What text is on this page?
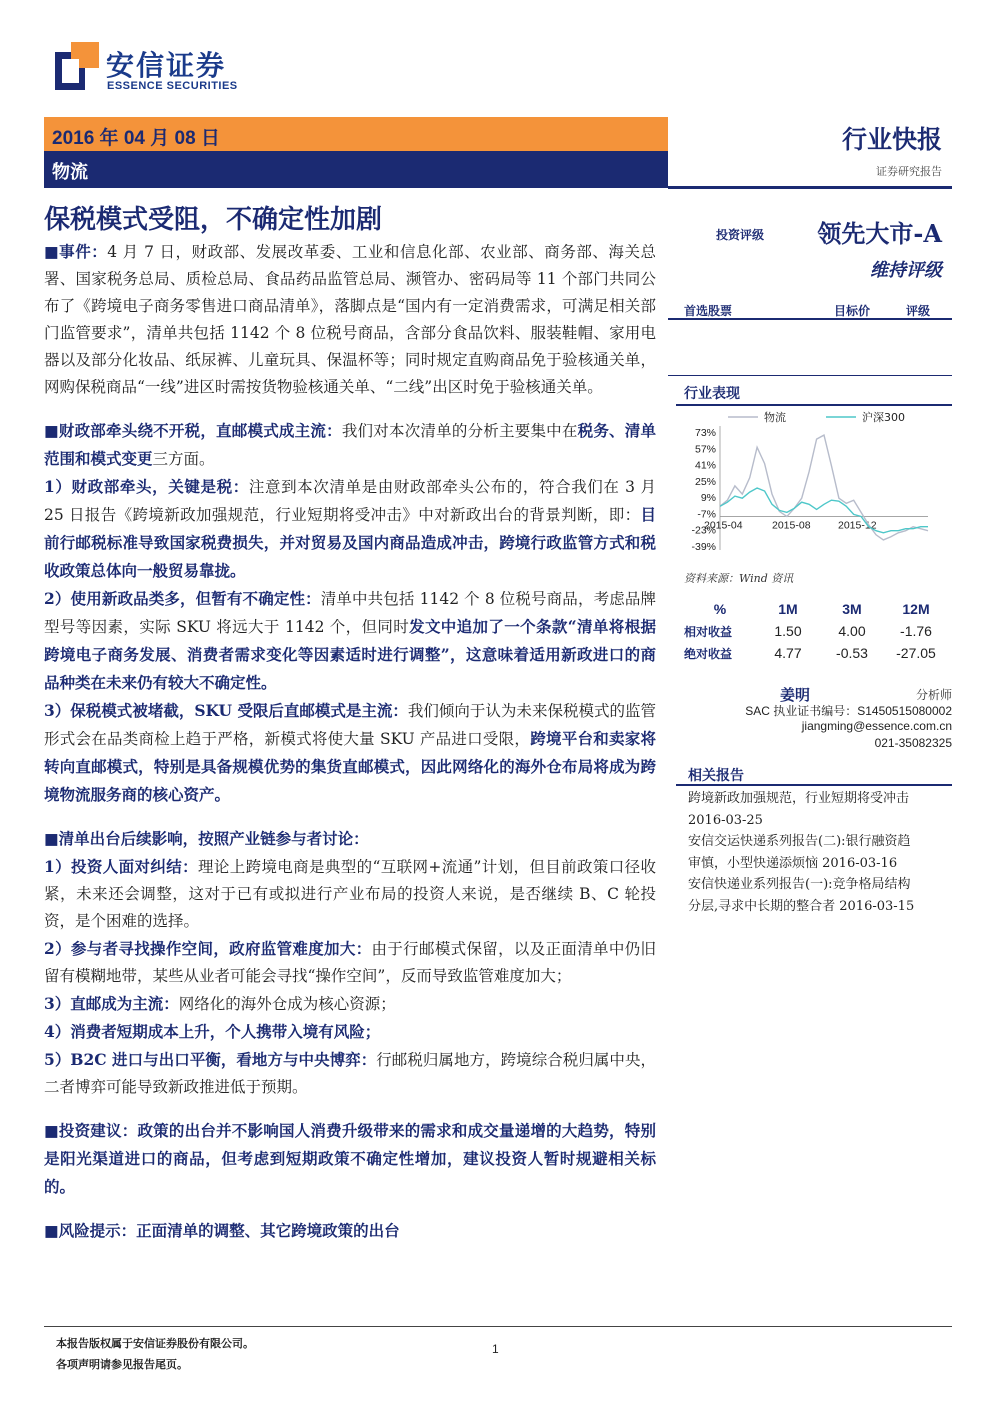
安信证券
ESSENCE SECURITIES
2016 年 04 月 08 日
物流
行业快报
证券研究报告
保税模式受阻，不确定性加剧

■事件：4 月 7 日，财政部、发展改革委、工业和信息化部、农业部、商务部、海关总署、国家税务总局、质检总局、食品药品监管总局、濒管办、密码局等 11 个部门共同公布了《跨境电子商务零售进口商品清单》，落脚点是“国内有一定消费需求，可满足相关部门监管要求”，清单共包括 1142 个 8 位税号商品，含部分食品饮料、服装鞋帽、家用电器以及部分化妆品、纸尿裤、儿童玩具、保温杯等；同时规定直购商品免于验核通关单，网购保税商品“一线”进区时需按货物验核通关单、“二线”出区时免于验核通关单。

■财政部牵头绕不开税，直邮模式成主流：我们对本次清单的分析主要集中在税务、清单范围和模式变更三方面。

1）财政部牵头，关键是税：注意到本次清单是由财政部牵头公布的，符合我们在 3 月 25 日报告《跨境新政加强规范，行业短期将受冲击》中对新政出台的背景判断，即：目前行邮税标准导致国家税费损失，并对贸易及国内商品造成冲击，跨境行政监管方式和税收政策总体向一般贸易靠拢。

2）使用新政品类多，但暂有不确定性：清单中共包括 1142 个 8 位税号商品，考虑品牌型号等因素，实际 SKU 将远大于 1142 个，但同时发文中追加了一个条款“清单将根据跨境电子商务发展、消费者需求变化等因素适时进行调整”，这意味着适用新政进口的商品种类在未来仍有较大不确定性。

3）保税模式被堵截，SKU 受限后直邮模式是主流：我们倾向于认为未来保税模式的监管形式会在品类商检上趋于严格，新模式将使大量 SKU 产品进口受限，跨境平台和卖家将转向直邮模式，特别是具备规模优势的集货直邮模式，因此网络化的海外仓布局将成为跨境物流服务商的核心资产。

■清单出台后续影响，按照产业链参与者讨论：

1）投资人面对纠结：理论上跨境电商是典型的“互联网+流通”计划，但目前政策口径收紧，未来还会调整，这对于已有或拟进行产业布局的投资人来说，是否继续 B、C 轮投资，是个困难的选择。

2）参与者寻找操作空间，政府监管难度加大：由于行邮模式保留，以及正面清单中仍旧留有模糊地带，某些从业者可能会寻找“操作空间”，反而导致监管难度加大；

3）直邮成为主流：网络化的海外仓成为核心资源；

4）消费者短期成本上升，个人携带入境有风险；

5）B2C 进口与出口平衡，看地方与中央博弈：行邮税归属地方，跨境综合税归属中央，二者博弈可能导致新政推进低于预期。

■投资建议：政策的出台并不影响国人消费升级带来的需求和成交量递增的大趋势，特别是阳光渠道进口的商品，但考虑到短期政策不确定性增加，建议投资人暂时规避相关标的。

■风险提示：正面清单的调整、其它跨境政策的出台

投资评级	领先大市-A
维持评级
首选股票	目标价	评级
行业表现
物流	沪深300
73%
57%
41%
25%
9%
-7%
-23%
-39%
2015-04	2015-08	2015-12
资料来源：Wind 资讯
%	1M	3M	12M
相对收益	1.50	4.00	-1.76
绝对收益	4.77	-0.53	-27.05
姜明	分析师
SAC 执业证书编号：S1450515080002
jiangming@essence.com.cn
021-35082325
相关报告
跨境新政加强规范，行业短期将受冲击
2016-03-25
安信交运快递系列报告(二):银行融资趋
审慎，小型快递添烦恼 2016-03-16
安信快递业系列报告(一):竞争格局结构
分层,寻求中长期的整合者 2016-03-15
本报告版权属于安信证券股份有限公司。
各项声明请参见报告尾页。
1
